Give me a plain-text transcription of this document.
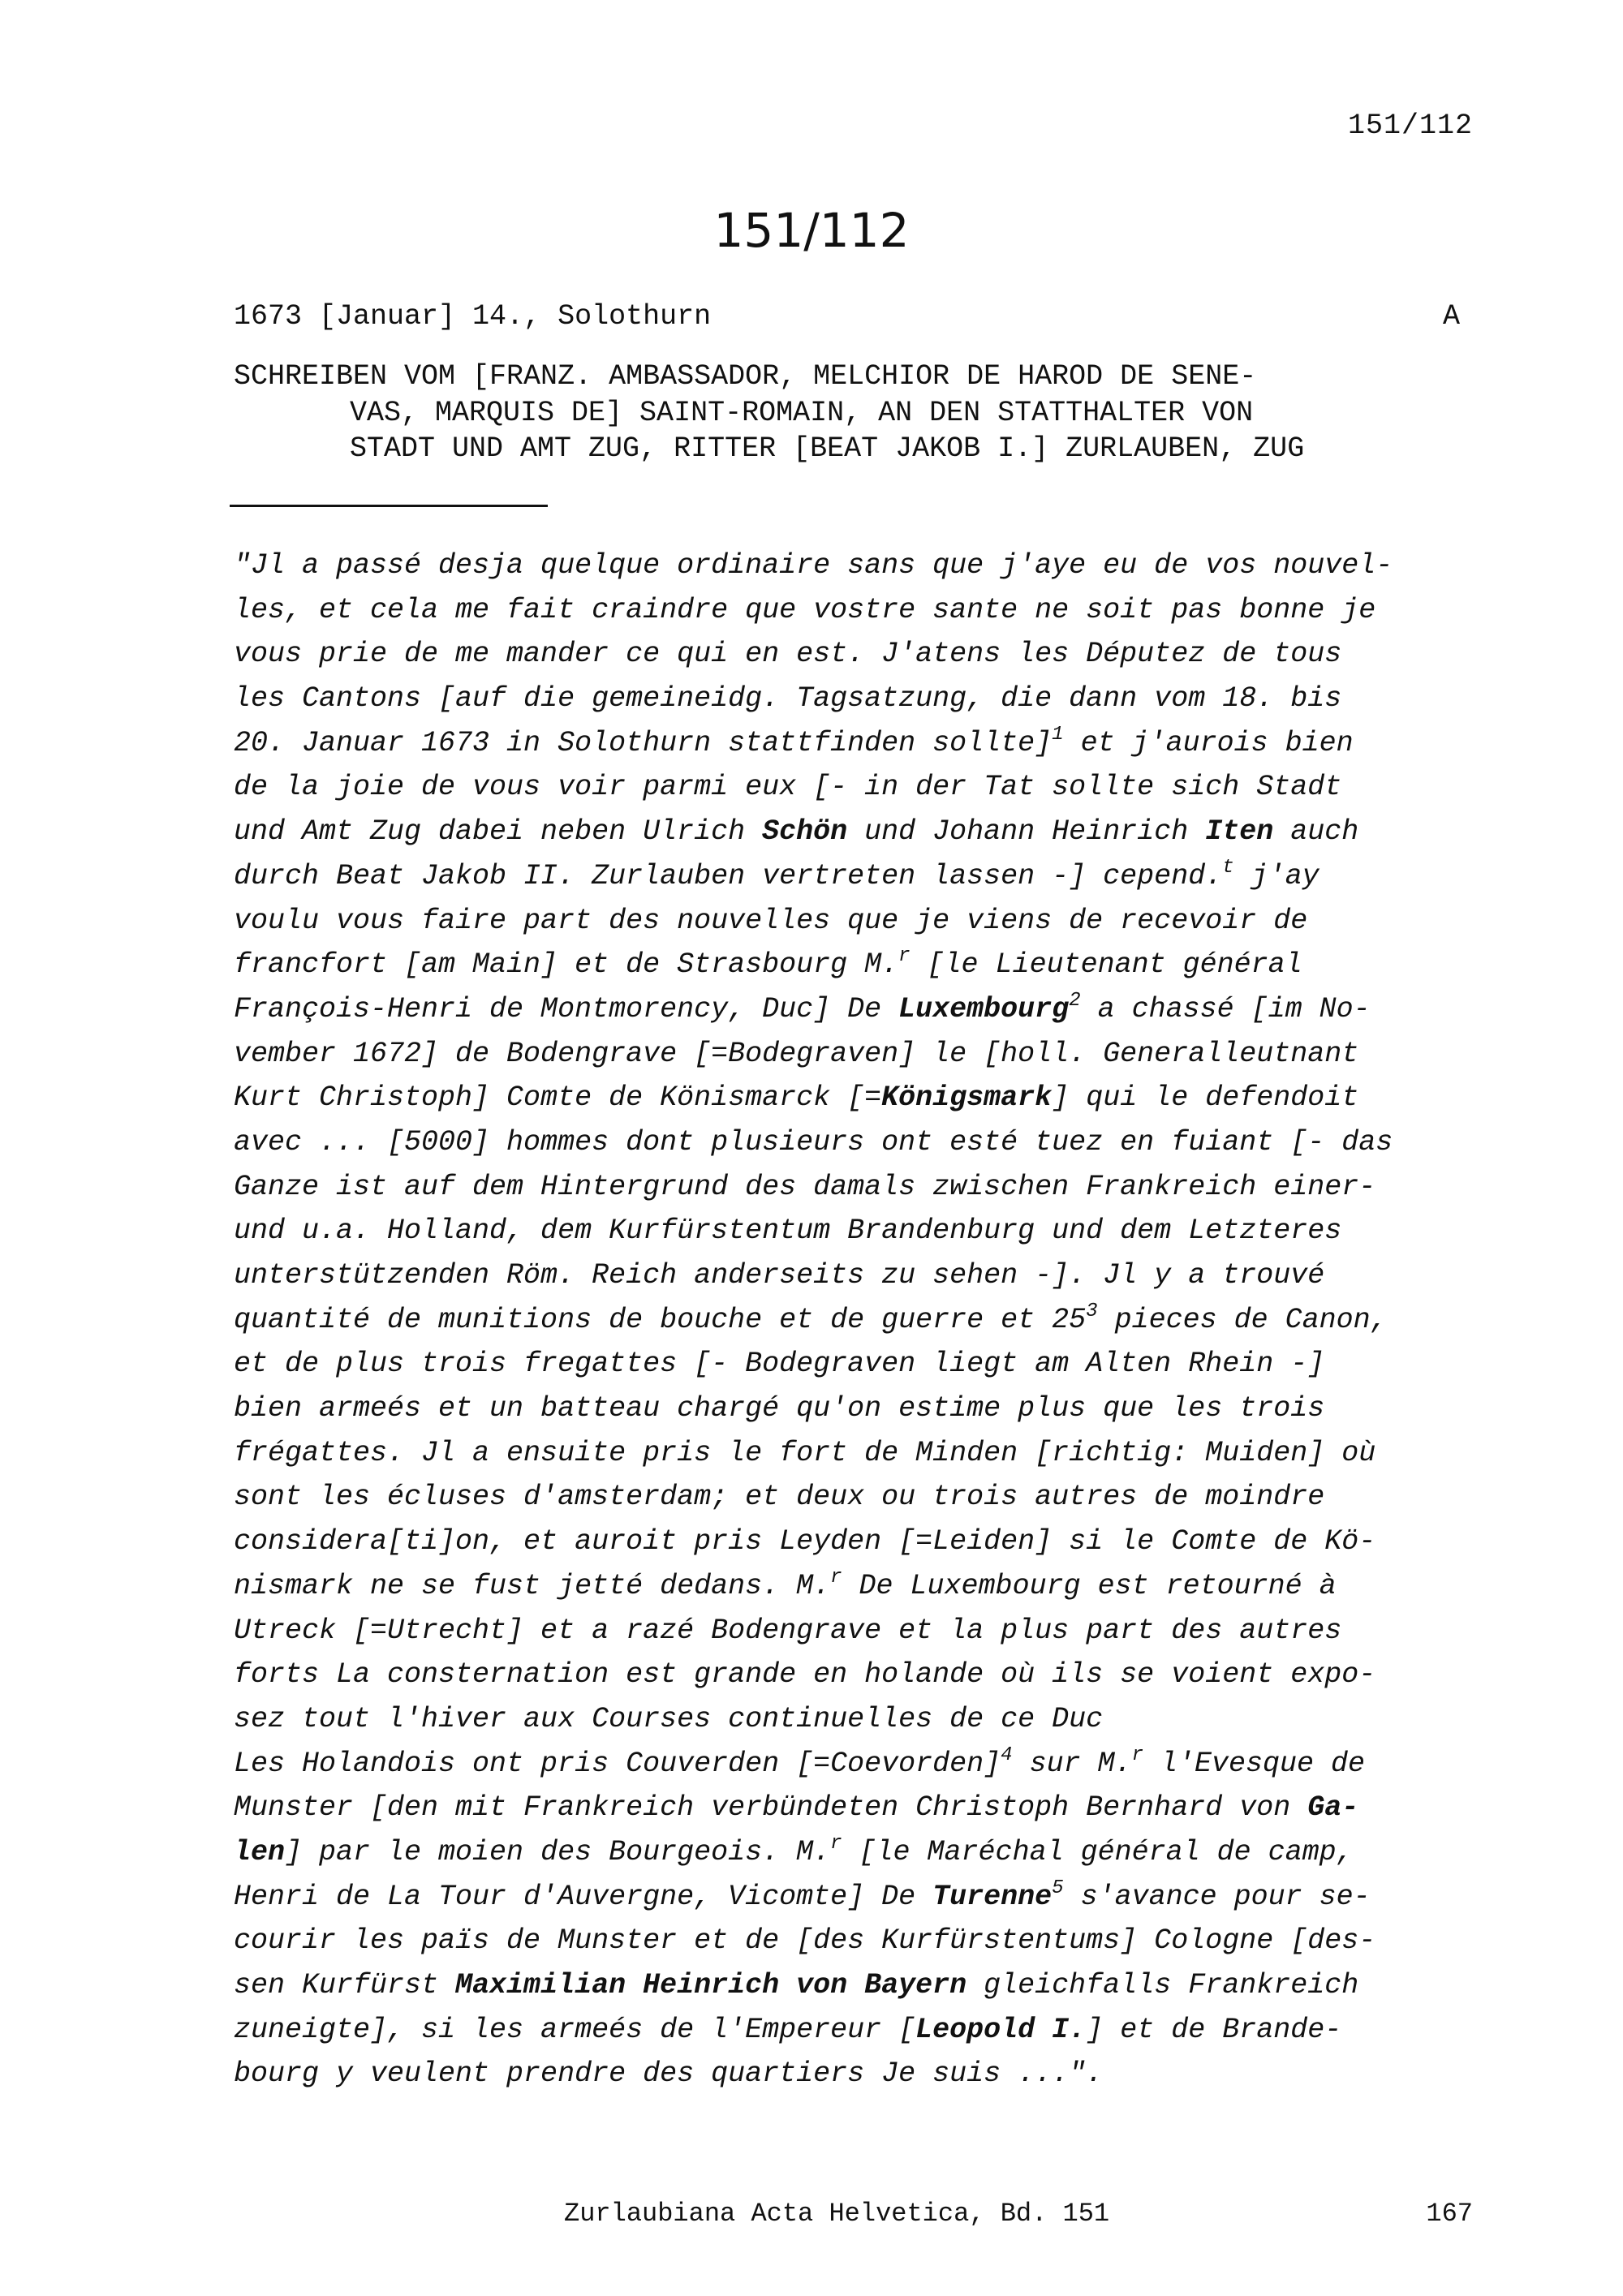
151/112
151/112
1673 [Januar] 14., Solothurn	A
SCHREIBEN VOM [FRANZ. AMBASSADOR, MELCHIOR DE HAROD DE SENE-
VAS, MARQUIS DE] SAINT-ROMAIN, AN DEN STATTHALTER VON
STADT UND AMT ZUG, RITTER [BEAT JAKOB I.] ZURLAUBEN, ZUG
"Jl a passé desja quelque ordinaire sans que j'aye eu de vos nouvel-
les, et cela me fait craindre que vostre sante ne soit pas bonne je
vous prie de me mander ce qui en est. J'atens les Députez de tous
les Cantons [auf die gemeineidg. Tagsatzung, die dann vom 18. bis
20. Januar 1673 in Solothurn stattfinden sollte]$^1$ et j'aurois bien
de la joie de vous voir parmi eux [- in der Tat sollte sich Stadt
und Amt Zug dabei neben Ulrich Schön und Johann Heinrich Iten auch
durch Beat Jakob II. Zurlauben vertreten lassen -] cepend.$^t$ j'ay
voulu vous faire part des nouvelles que je viens de recevoir de
francfort [am Main] et de Strasbourg M.$^r$ [le Lieutenant général
François-Henri de Montmorency, Duc] De Luxembourg$^2$ a chassé [im No-
vember 1672] de Bodengrave [=Bodegraven] le [holl. Generalleutnant
Kurt Christoph] Comte de Könismarck [=Königsmark] qui le defendoit
avec ... [5000] hommes dont plusieurs ont esté tuez en fuiant [- das
Ganze ist auf dem Hintergrund des damals zwischen Frankreich einer-
und u.a. Holland, dem Kurfürstentum Brandenburg und dem Letzteres
unterstützenden Röm. Reich anderseits zu sehen -]. Jl y a trouvé
quantité de munitions de bouche et de guerre et $25^3$ pieces de Canon,
et de plus trois fregattes [- Bodegraven liegt am Alten Rhein -]
bien armeés et un batteau chargé qu'on estime plus que les trois
frégattes. Jl a ensuite pris le fort de Minden [richtig: Muiden] où
sont les écluses d'amsterdam; et deux ou trois autres de moindre
considera[ti]on, et auroit pris Leyden [=Leiden] si le Comte de Kö-
nismark ne se fust jetté dedans. M.$^r$ De Luxembourg est retourné à
Utreck [=Utrecht] et a razé Bodengrave et la plus part des autres
forts La consternation est grande en holande où ils se voient expo-
sez tout l'hiver aux Courses continuelles de ce Duc
Les Holandois ont pris Couverden [=Coevorden]$^4$ sur M.$^r$ l'Evesque de
Munster [den mit Frankreich verbündeten Christoph Bernhard von Ga-
len] par le moien des Bourgeois. M.$^r$ [le Maréchal général de camp,
Henri de La Tour d'Auvergne, Vicomte] De Turenne$^5$ s'avance pour se-
courir les païs de Munster et de [des Kurfürstentums] Cologne [des-
sen Kurfürst Maximilian Heinrich von Bayern gleichfalls Frankreich
zuneigte], si les armeés de l'Empereur [Leopold I.] et de Brande-
bourg y veulent prendre des quartiers Je suis ...".
Zurlaubiana Acta Helvetica, Bd. 151	167
